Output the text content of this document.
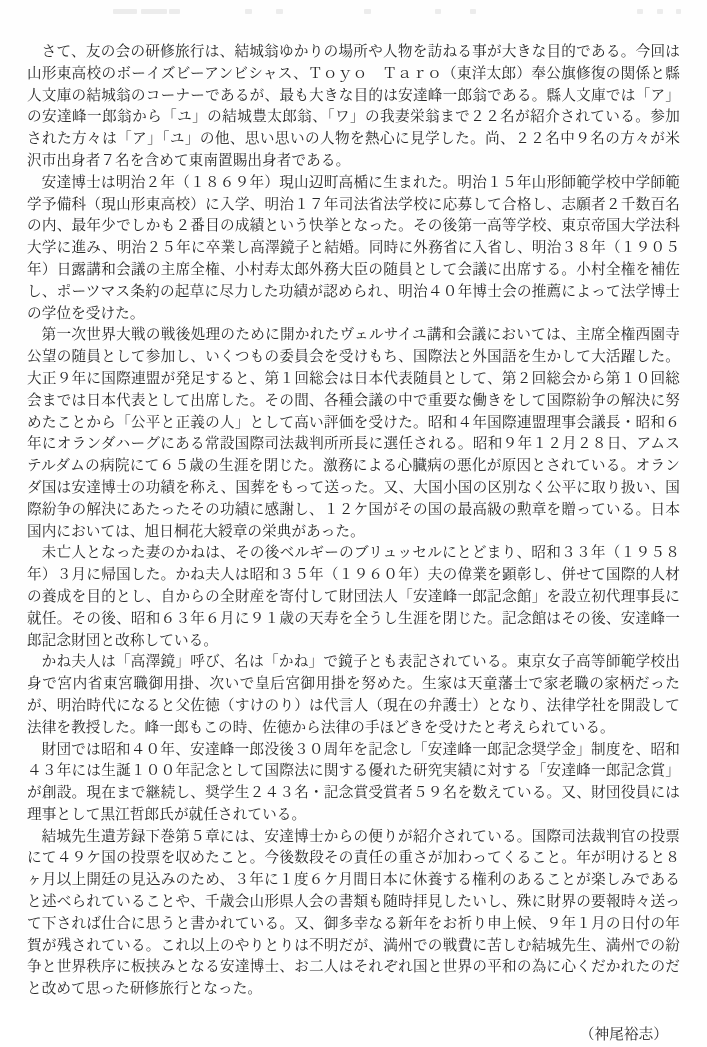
さて、友の会の研修旅行は、結城翁ゆかりの場所や人物を訪ねる事が大きな目的である。今回は山形東高校のボーイズビーアンビシャス、Ｔｏｙｏ　Ｔａｒｏ（東洋太郎）奉公旗修復の関係と縣人文庫の結城翁のコーナーであるが、最も大きな目的は安達峰一郎翁である。縣人文庫では「ア」の安達峰一郎翁から「ユ」の結城豊太郎翁、「ワ」の我妻栄翁まで２２名が紹介されている。参加された方々は「ア」「ユ」の他、思い思いの人物を熱心に見学した。尚、２２名中９名の方々が米沢市出身者７名を含めて東南置賜出身者である。

安達博士は明治２年（１８６９年）現山辺町高楯に生まれた。明治１５年山形師範学校中学師範学予備科（現山形東高校）に入学、明治１７年司法省法学校に応募して合格し、志願者２千数百名の内、最年少でしかも２番目の成績という快挙となった。その後第一高等学校、東京帝国大学法科大学に進み、明治２５年に卒業し高澤鏡子と結婚。同時に外務省に入省し、明治３８年（１９０５年）日露講和会議の主席全権、小村寿太郎外務大臣の随員として会議に出席する。小村全権を補佐し、ポーツマス条約の起草に尽力した功績が認められ、明治４０年博士会の推薦によって法学博士の学位を受けた。

第一次世界大戦の戦後処理のために開かれたヴェルサイユ講和会議においては、主席全権西園寺公望の随員として参加し、いくつもの委員会を受けもち、国際法と外国語を生かして大活躍した。大正９年に国際連盟が発足すると、第１回総会は日本代表随員として、第２回総会から第１０回総会までは日本代表として出席した。その間、各種会議の中で重要な働きをして国際紛争の解決に努めたことから「公平と正義の人」として高い評価を受けた。昭和４年国際連盟理事会議長・昭和６年にオランダハーグにある常設国際司法裁判所所長に選任される。昭和９年１２月２８日、アムステルダムの病院にて６５歳の生涯を閉じた。激務による心臓病の悪化が原因とされている。オランダ国は安達博士の功績を称え、国葬をもって送った。又、大国小国の区別なく公平に取り扱い、国際紛争の解決にあたったその功績に感謝し、１２ケ国がその国の最高級の勲章を贈っている。日本国内においては、旭日桐花大綬章の栄典があった。

未亡人となった妻のかねは、その後ベルギーのブリュッセルにとどまり、昭和３３年（１９５８年）３月に帰国した。かね夫人は昭和３５年（１９６０年）夫の偉業を顕彰し、併せて国際的人材の養成を目的とし、自からの全財産を寄付して財団法人「安達峰一郎記念館」を設立初代理事長に就任。その後、昭和６３年６月に９１歳の天寿を全うし生涯を閉じた。記念館はその後、安達峰一郎記念財団と改称している。

かね夫人は「高澤鏡」呼び、名は「かね」で鏡子とも表記されている。東京女子高等師範学校出身で宮内省東宮職御用掛、次いで皇后宮御用掛を努めた。生家は天童藩士で家老職の家柄だったが、明治時代になると父佐徳（すけのり）は代言人（現在の弁護士）となり、法律学社を開設して法律を教授した。峰一郎もこの時、佐徳から法律の手ほどきを受けたと考えられている。

財団では昭和４０年、安達峰一郎没後３０周年を記念し「安達峰一郎記念奨学金」制度を、昭和４３年には生誕１００年記念として国際法に関する優れた研究実績に対する「安達峰一郎記念賞」が創設。現在まで継続し、奨学生２４３名・記念賞受賞者５９名を数えている。又、財団役員には理事として黒江哲郎氏が就任されている。

結城先生遺芳録下巻第５章には、安達博士からの便りが紹介されている。国際司法裁判官の投票にて４９ケ国の投票を収めたこと。今後数段その責任の重さが加わってくること。年が明けると８ヶ月以上開廷の見込みのため、３年に１度６ケ月間日本に休養する権利のあることが楽しみであると述べられていることや、千歳会山形県人会の書類も随時拝見したいし、殊に財界の要報時々送って下されば仕合に思うと書かれている。又、御多幸なる新年をお祈り申上候、９年１月の日付の年賀が残されている。これ以上のやりとりは不明だが、満州での戦費に苦しむ結城先生、満州での紛争と世界秩序に板挟みとなる安達博士、お二人はそれぞれ国と世界の平和の為に心くだかれたのだと改めて思った研修旅行となった。

（神尾裕志）
